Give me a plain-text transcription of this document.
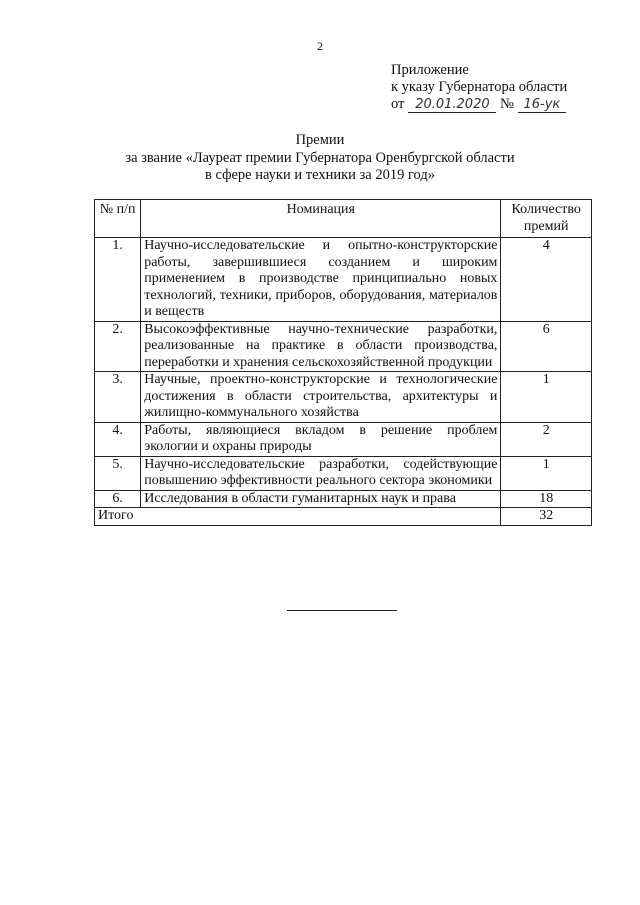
2
Приложение
к указу Губернатора области
от 20.01.2020 № 16-ук
Премии
за звание «Лауреат премии Губернатора Оренбургской области
в сфере науки и техники за 2019 год»
№ п/п	Номинация	Количество премий
1.	Научно-исследовательские и опытно-конструкторские работы, завершившиеся созданием и широким применением в производстве принципиально новых технологий, техники, приборов, оборудования, материалов и веществ	4
2.	Высокоэффективные научно-технические разработки, реализованные на практике в области производства, переработки и хранения сельскохозяйственной продукции	6
3.	Научные, проектно-конструкторские и технологические достижения в области строительства, архитектуры и жилищно-коммунального хозяйства	1
4.	Работы, являющиеся вкладом в решение проблем экологии и охраны природы	2
5.	Научно-исследовательские разработки, содействующие повышению эффективности реального сектора экономики	1
6.	Исследования в области гуманитарных наук и права	18
Итого		32
